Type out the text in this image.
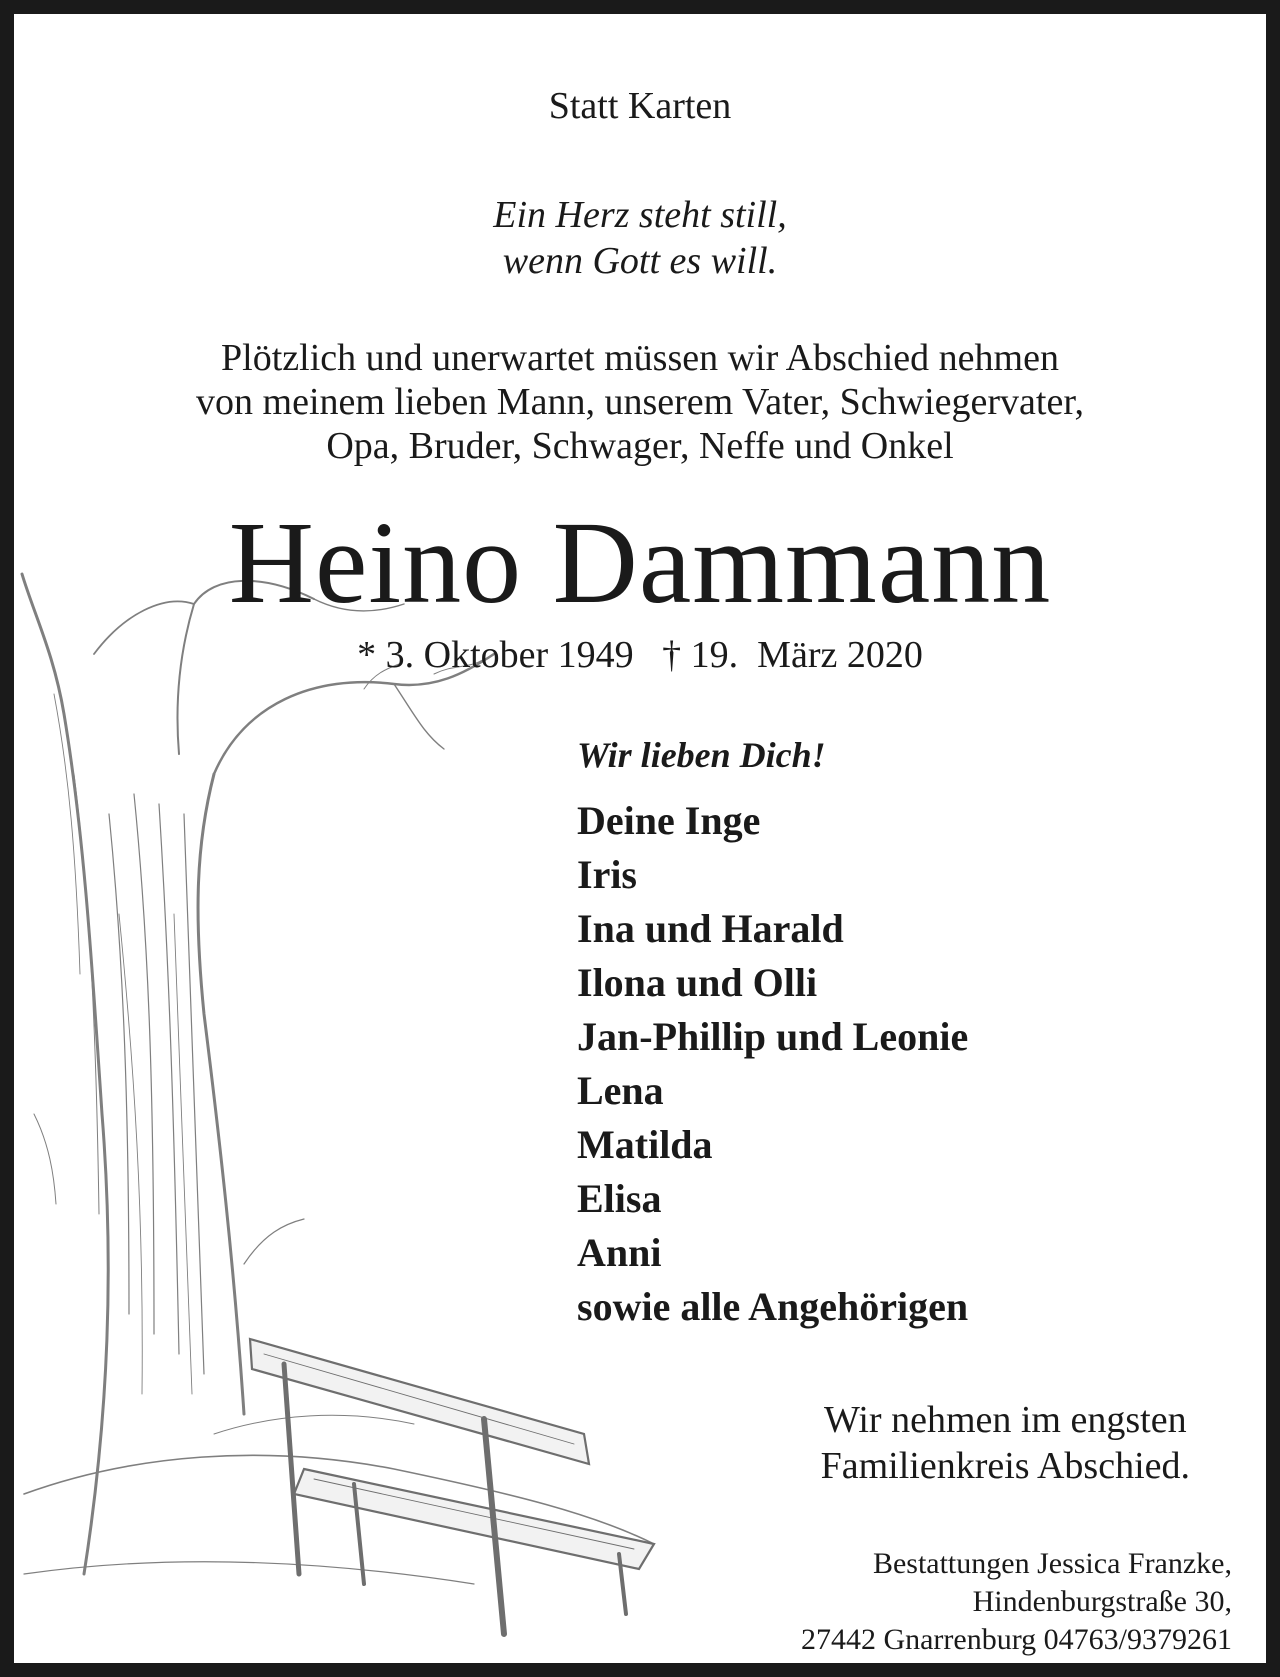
Statt Karten
Ein Herz steht still,
wenn Gott es will.
Plötzlich und unerwartet müssen wir Abschied nehmen
von meinem lieben Mann, unserem Vater, Schwiegervater,
Opa, Bruder, Schwager, Neffe und Onkel
Heino Dammann
* 3. Oktober 1949 † 19.  März 2020
Wir lieben Dich!
Deine Inge
Iris
Ina und Harald
Ilona und Olli
Jan-Phillip und Leonie
Lena
Matilda
Elisa
Anni
sowie alle Angehörigen
Wir nehmen im engsten
Familienkreis Abschied.
Bestattungen Jessica Franzke,
Hindenburgstraße 30,
27442 Gnarrenburg 04763/9379261
